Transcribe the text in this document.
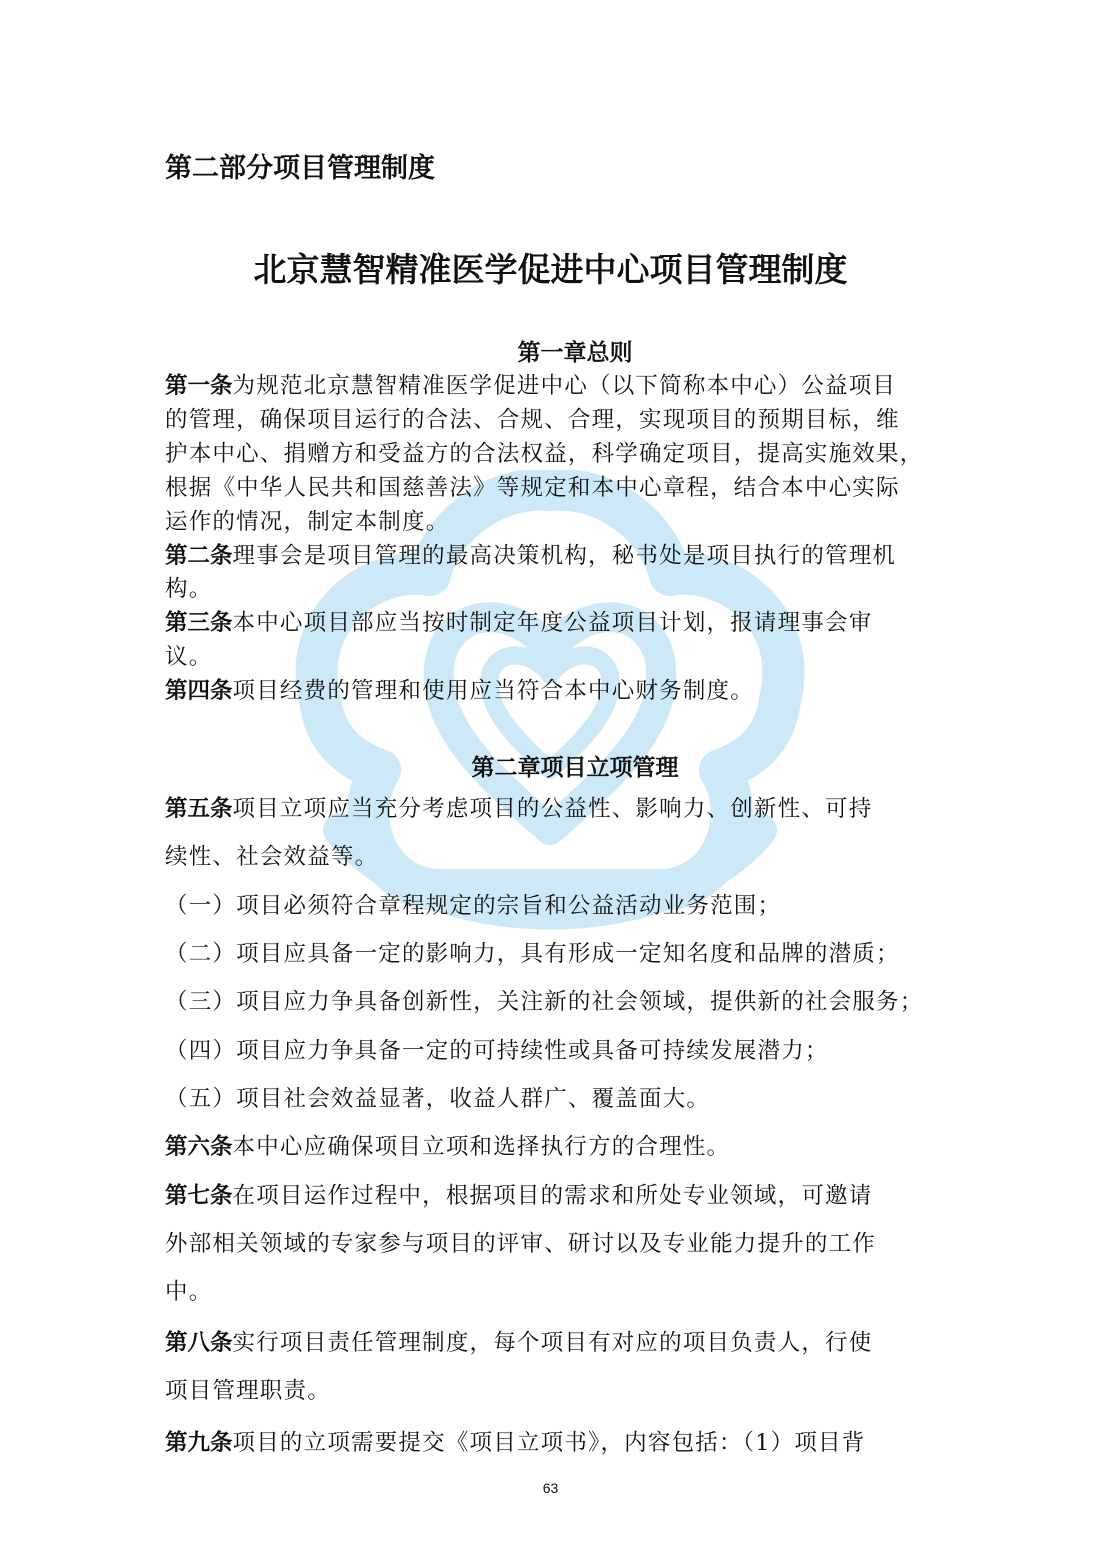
第二部分项目管理制度

北京慧智精准医学促进中心项目管理制度

第一章总则

第一条为规范北京慧智精准医学促进中心（以下简称本中心）公益项目

的管理，确保项目运行的合法、合规、合理，实现项目的预期目标，维

护本中心、捐赠方和受益方的合法权益，科学确定项目，提高实施效果，

根据《中华人民共和国慈善法》等规定和本中心章程，结合本中心实际

运作的情况，制定本制度。

第二条理事会是项目管理的最高决策机构，秘书处是项目执行的管理机

构。

第三条本中心项目部应当按时制定年度公益项目计划，报请理事会审

议。

第四条项目经费的管理和使用应当符合本中心财务制度。

第二章项目立项管理

第五条项目立项应当充分考虑项目的公益性、影响力、创新性、可持

续性、社会效益等。

（一）项目必须符合章程规定的宗旨和公益活动业务范围；

（二）项目应具备一定的影响力，具有形成一定知名度和品牌的潜质；

（三）项目应力争具备创新性，关注新的社会领域，提供新的社会服务；

（四）项目应力争具备一定的可持续性或具备可持续发展潜力；

（五）项目社会效益显著，收益人群广、覆盖面大。

第六条本中心应确保项目立项和选择执行方的合理性。

第七条在项目运作过程中，根据项目的需求和所处专业领域，可邀请

外部相关领域的专家参与项目的评审、研讨以及专业能力提升的工作

中。

第八条实行项目责任管理制度，每个项目有对应的项目负责人，行使

项目管理职责。

第九条项目的立项需要提交《项目立项书》，内容包括：（1）项目背

63
